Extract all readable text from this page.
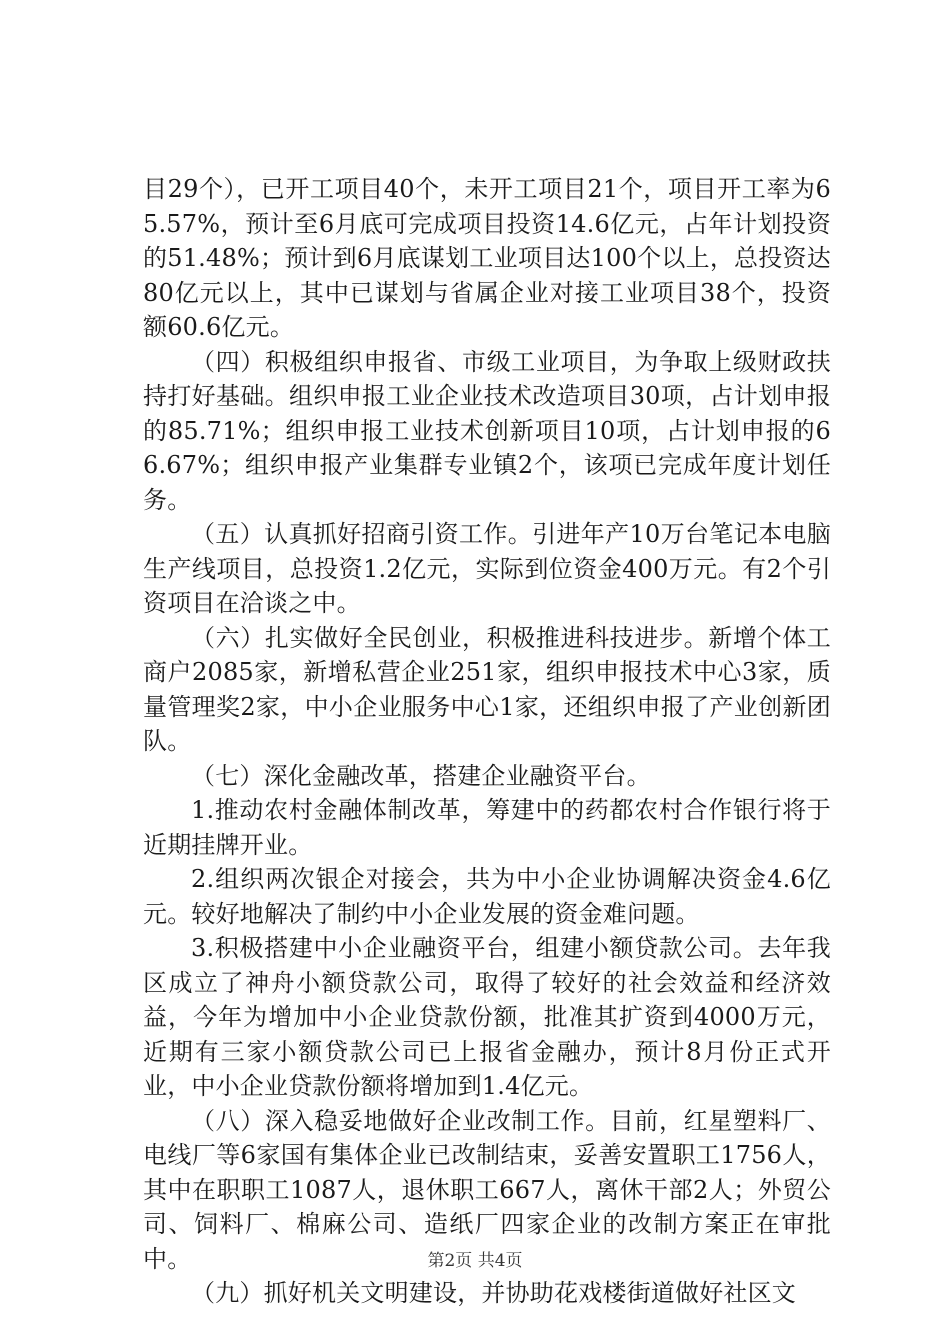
目29个），已开工项目40个，未开工项目21个，项目开工率为65.57%，预计至6月底可完成项目投资14.6亿元，占年计划投资的51.48%；预计到6月底谋划工业项目达100个以上，总投资达80亿元以上，其中已谋划与省属企业对接工业项目38个，投资额60.6亿元。

（四）积极组织申报省、市级工业项目，为争取上级财政扶持打好基础。组织申报工业企业技术改造项目30项，占计划申报的85.71%；组织申报工业技术创新项目10项，占计划申报的66.67%；组织申报产业集群专业镇2个，该项已完成年度计划任务。

（五）认真抓好招商引资工作。引进年产10万台笔记本电脑生产线项目，总投资1.2亿元，实际到位资金400万元。有2个引资项目在洽谈之中。

（六）扎实做好全民创业，积极推进科技进步。新增个体工商户2085家，新增私营企业251家，组织申报技术中心3家，质量管理奖2家，中小企业服务中心1家，还组织申报了产业创新团队。

（七）深化金融改革，搭建企业融资平台。

1.推动农村金融体制改革，筹建中的药都农村合作银行将于近期挂牌开业。

2.组织两次银企对接会，共为中小企业协调解决资金4.6亿元。较好地解决了制约中小企业发展的资金难问题。

3.积极搭建中小企业融资平台，组建小额贷款公司。去年我区成立了神舟小额贷款公司，取得了较好的社会效益和经济效益，今年为增加中小企业贷款份额，批准其扩资到4000万元，近期有三家小额贷款公司已上报省金融办，预计8月份正式开业，中小企业贷款份额将增加到1.4亿元。

（八）深入稳妥地做好企业改制工作。目前，红星塑料厂、电线厂等6家国有集体企业已改制结束，妥善安置职工1756人，其中在职职工1087人，退休职工667人，离休干部2人；外贸公司、饲料厂、棉麻公司、造纸厂四家企业的改制方案正在审批中。

（九）抓好机关文明建设，并协助花戏楼街道做好社区文

第2页 共4页
